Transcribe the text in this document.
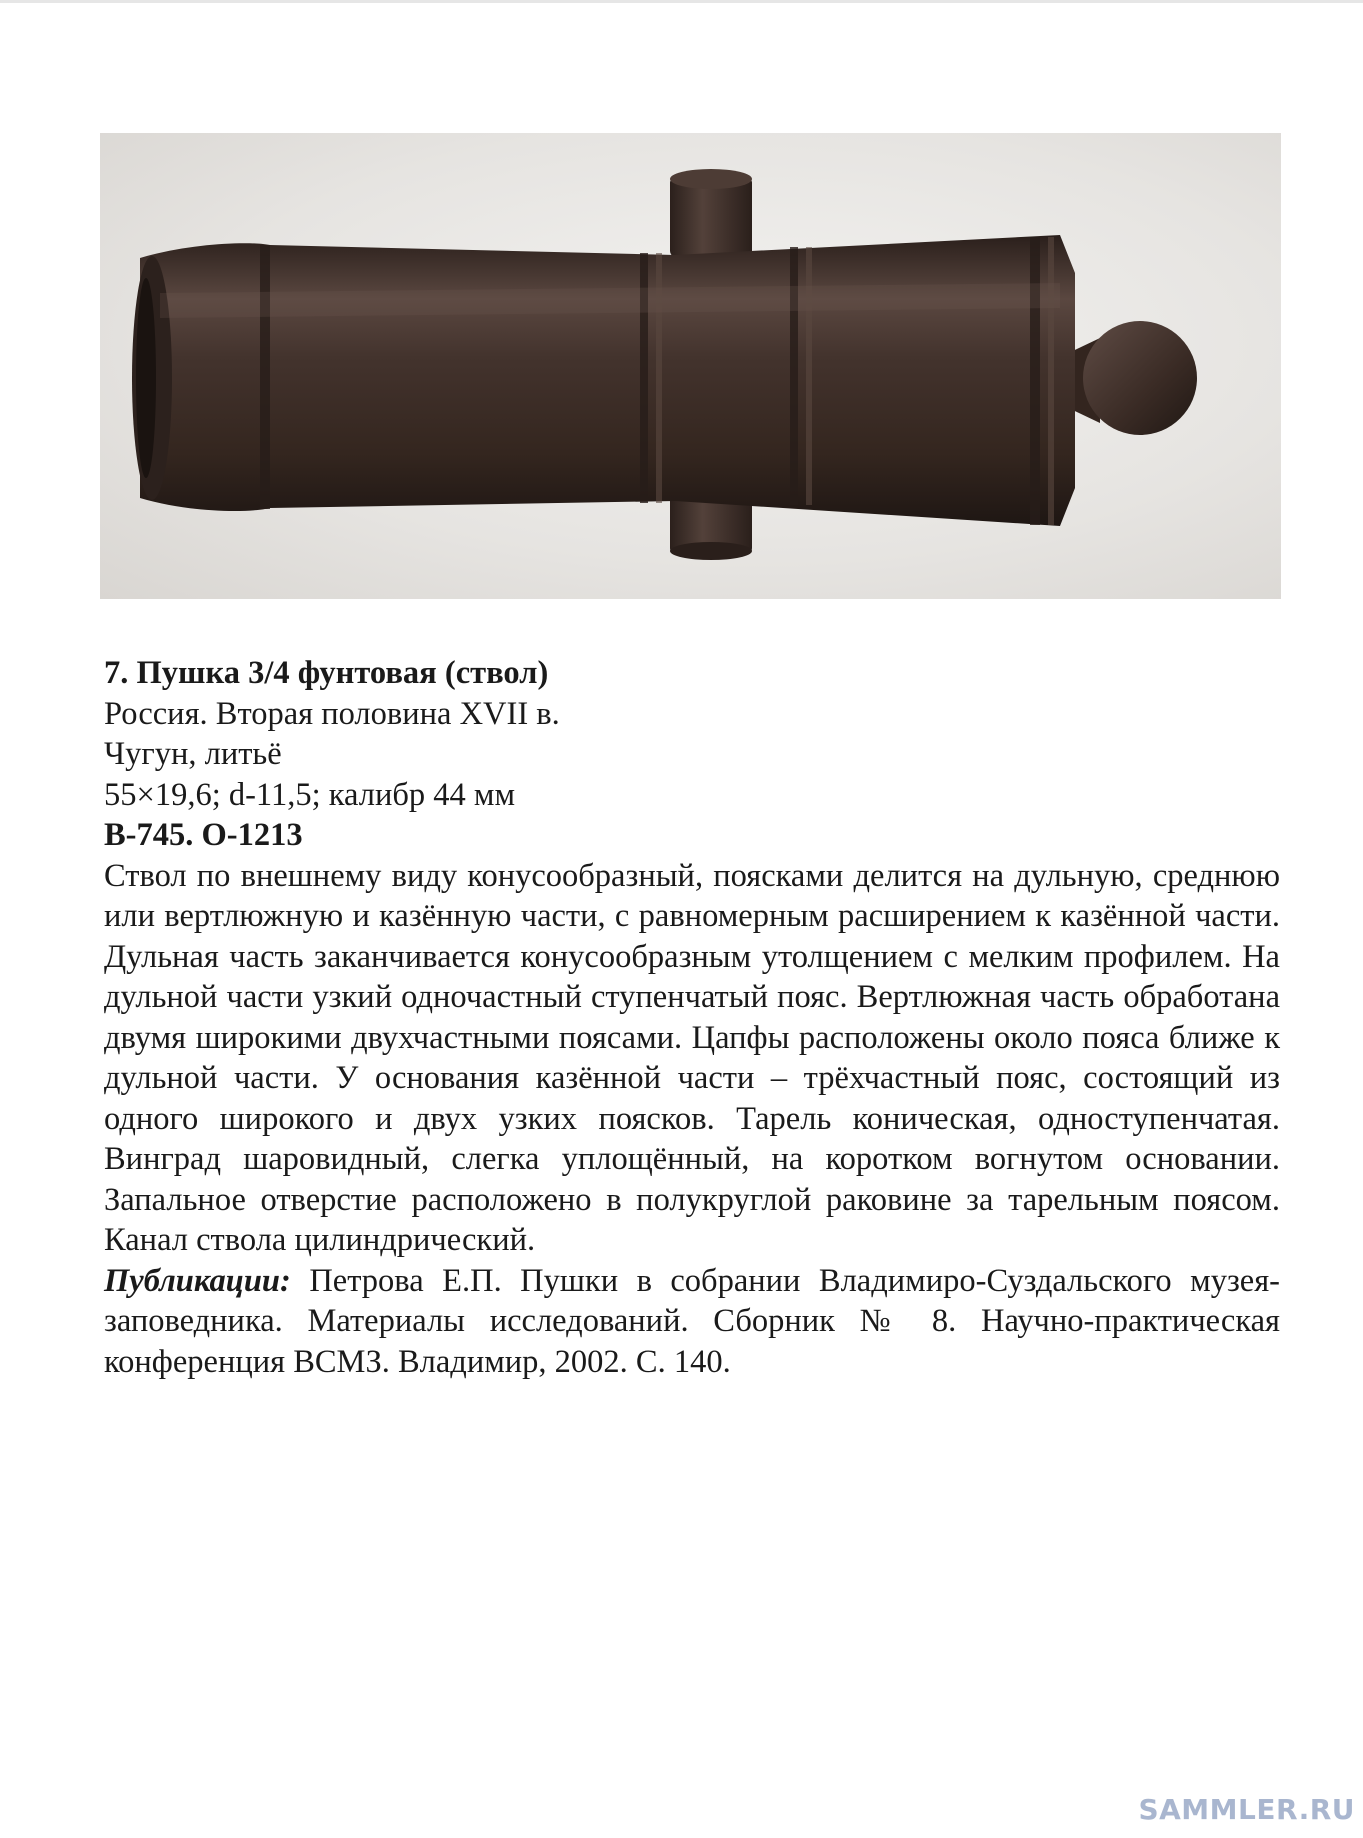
7. Пушка 3/4 фунтовая (ствол)
Россия. Вторая половина XVII в.
Чугун, литьё
55×19,6; d-11,5; калибр 44 мм
В-745. О-1213
Ствол по внешнему виду конусообразный, поясками делится на дульную, среднюю или вертлюжную и казённую части, с равномерным расширением к казённой части. Дульная часть заканчивается конусообразным утолщением с мелким профилем. На дульной части узкий одночастный ступенчатый пояс. Вертлюжная часть обработана двумя широкими двухчастными поясами. Цапфы расположены около пояса ближе к дульной части. У основания казённой части – трёхчастный пояс, состоящий из одного широкого и двух узких поясков. Тарель коническая, одноступенчатая. Винград шаровидный, слегка уплощённый, на коротком вогнутом основании. Запальное отверстие расположено в полукруглой раковине за тарельным поясом. Канал ствола цилиндрический.
Публикации: Петрова Е.П. Пушки в собрании Владимиро-Суздальского музея-заповедника. Материалы исследований. Сборник № 8. Научно-практическая конференция ВСМЗ. Владимир, 2002. С. 140.
SAMMLER.RU
